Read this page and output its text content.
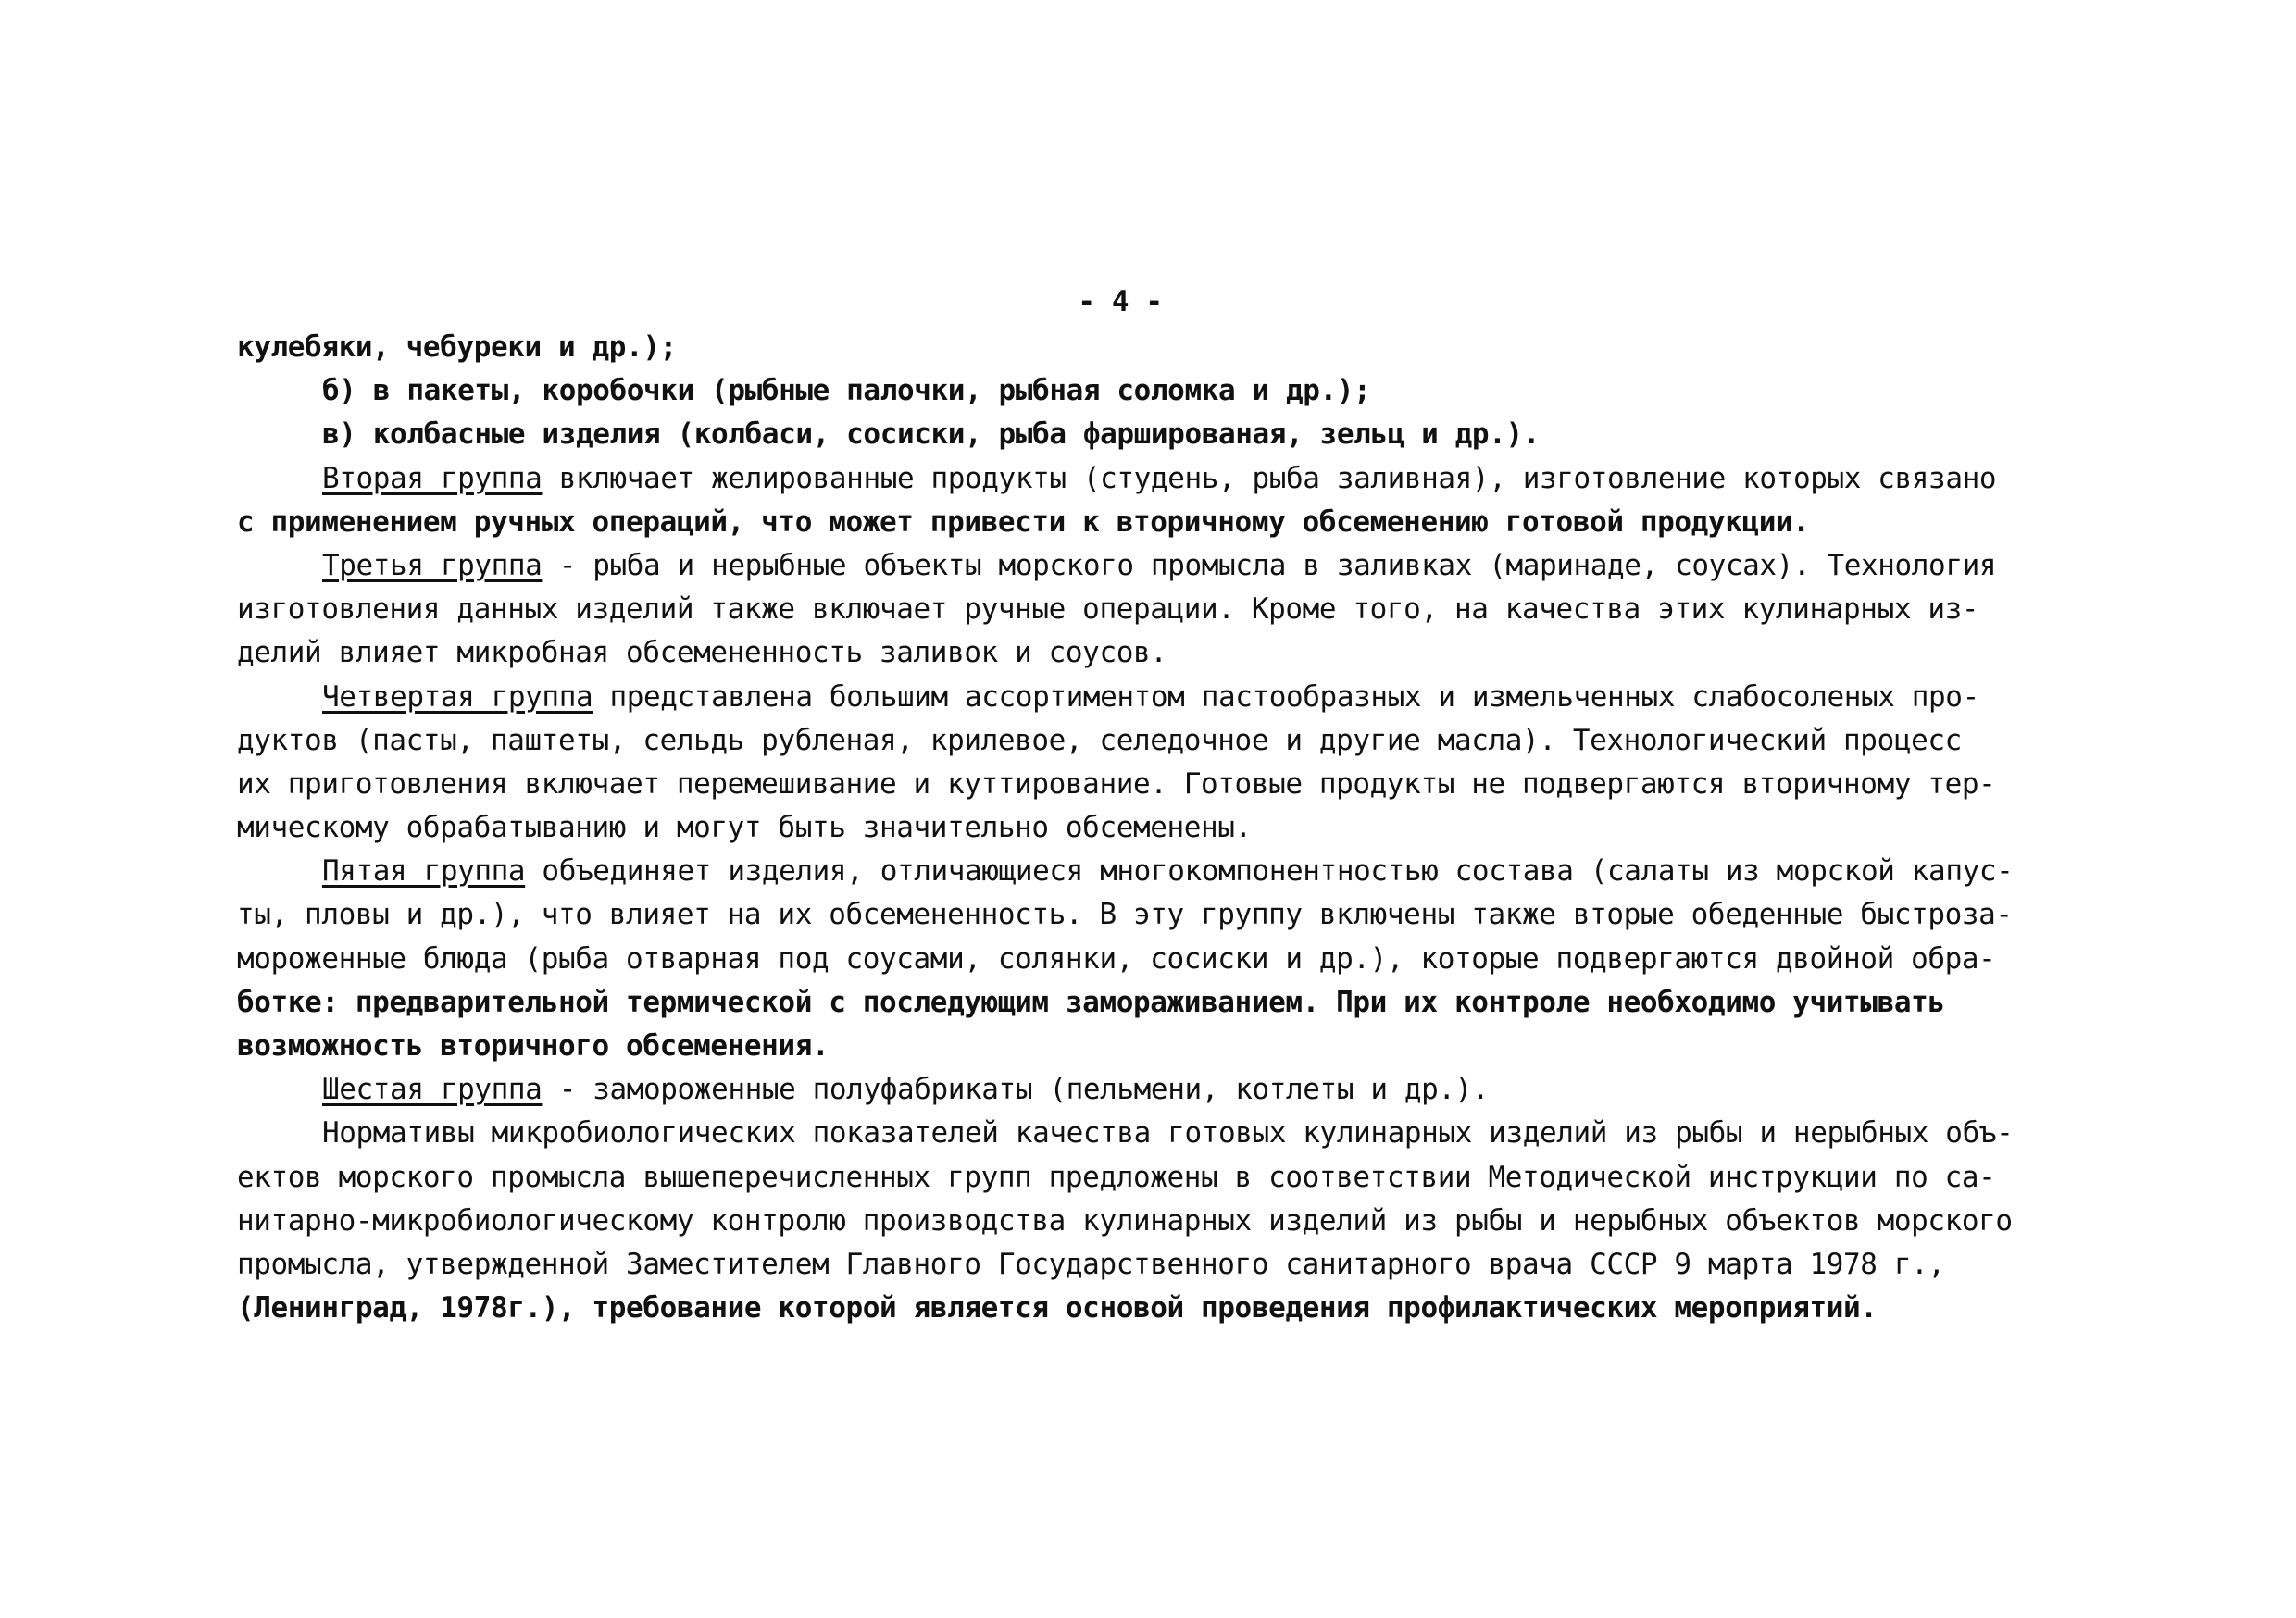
- 4 -
кулебяки, чебуреки и др.);
б) в пакеты, коробочки (рыбные палочки, рыбная соломка и др.);
в) колбасные изделия (колбаси, сосиски, рыба фаршированая, зельц и др.).
Вторая группа включает желированные продукты (студень, рыба заливная), изготовление которых связано
с применением ручных операций, что может привести к вторичному обсеменению готовой продукции.
Третья группа - рыба и нерыбные объекты морского промысла в заливках (маринаде, соусах). Технология
изготовления данных изделий также включает ручные операции. Кроме того, на качества этих кулинарных из-
делий влияет микробная обсемененность заливок и соусов.
Четвертая группа представлена большим ассортиментом пастообразных и измельченных слабосоленых про-
дуктов (пасты, паштеты, сельдь рубленая, крилевое, селедочное и другие масла). Технологический процесс
их приготовления включает перемешивание и куттирование. Готовые продукты не подвергаются вторичному тер-
мическому обрабатыванию и могут быть значительно обсеменены.
Пятая группа объединяет изделия, отличающиеся многокомпонентностью состава (салаты из морской капус-
ты, пловы и др.), что влияет на их обсемененность. В эту группу включены также вторые обеденные быстроза-
мороженные блюда (рыба отварная под соусами, солянки, сосиски и др.), которые подвергаются двойной обра-
ботке: предварительной термической с последующим замораживанием. При их контроле необходимо учитывать
возможность вторичного обсеменения.
Шестая группа - замороженные полуфабрикаты (пельмени, котлеты и др.).
Нормативы микробиологических показателей качества готовых кулинарных изделий из рыбы и нерыбных объ-
ектов морского промысла вышеперечисленных групп предложены в соответствии Методической инструкции по са-
нитарно-микробиологическому контролю производства кулинарных изделий из рыбы и нерыбных объектов морского
промысла, утвержденной Заместителем Главного Государственного санитарного врача СССР 9 марта 1978 г.,
(Ленинград, 1978г.), требование которой является основой проведения профилактических мероприятий.
